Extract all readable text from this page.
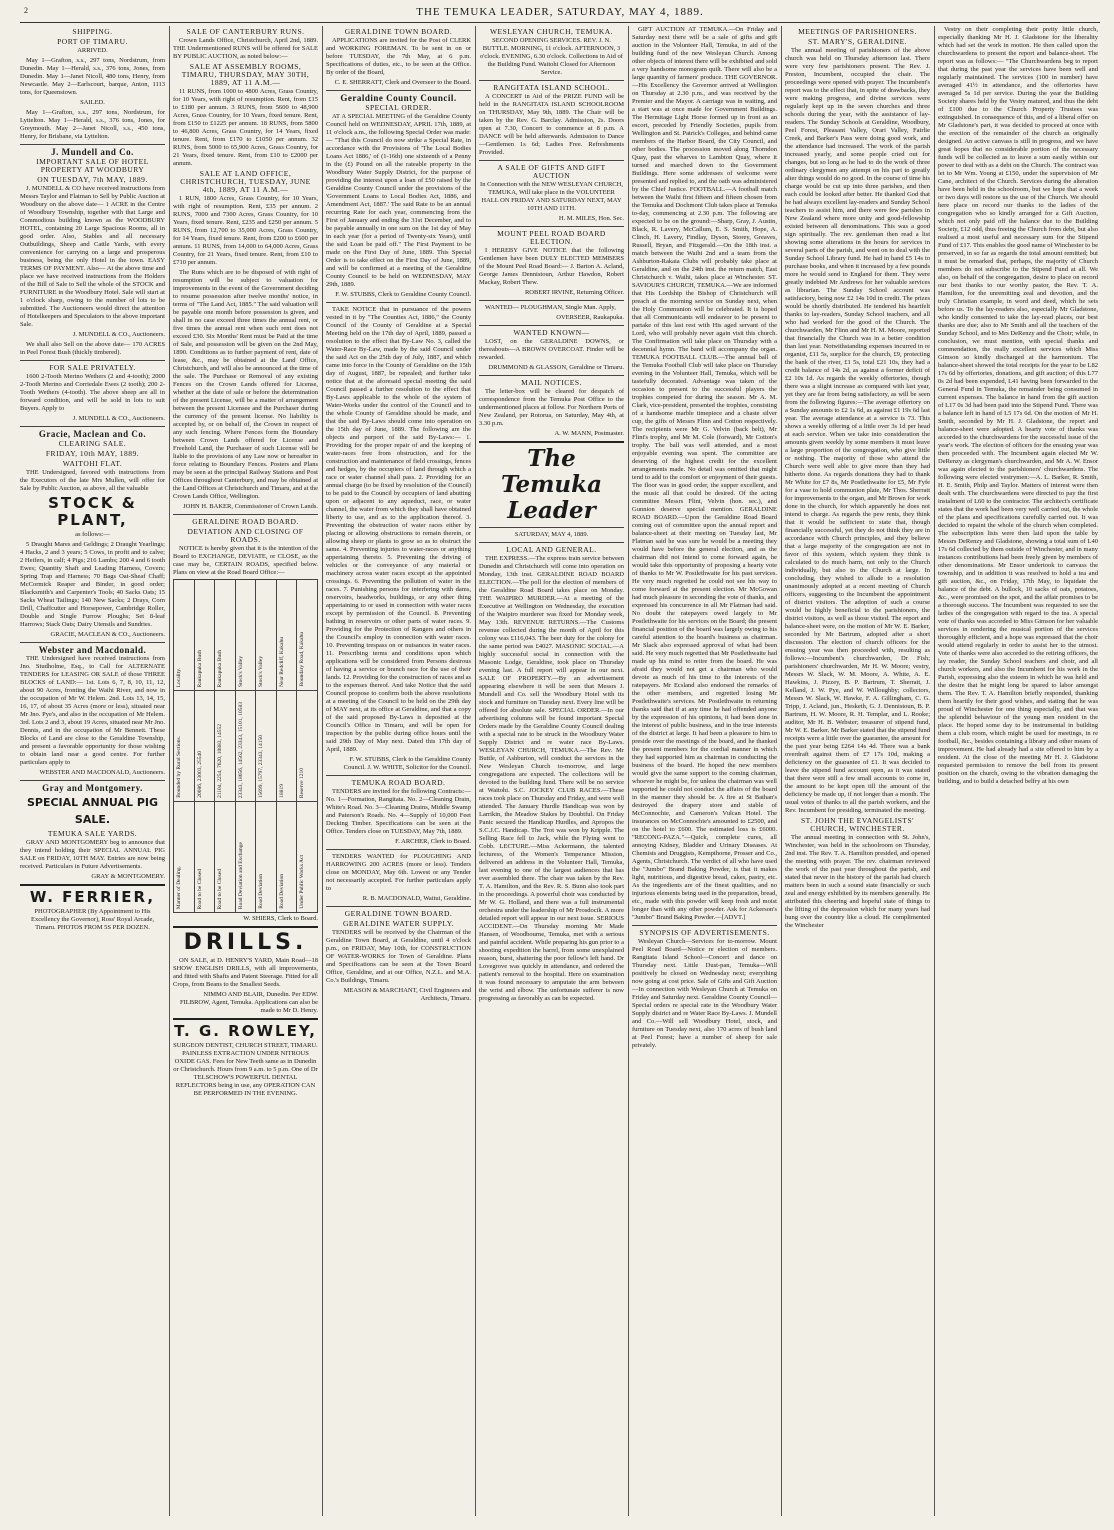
2	THE TEMUKA LEADER, SATURDAY, MAY 4, 1889.
SHIPPING.
PORT OF TIMARU.

ARRIVED.

May 1—Grafton, s.s., 297 tons, Nordstrum, from Dunedin. May 1—Herald, s.s., 376 tons, Jones, from Dunedin. May 1—Janet Nicoll, 480 tons, Henry, from Newcastle. May 2—Earlscourt, barque, Anton, 1113 tons, for Queenstown.

SAILED.

May 1—Grafton, s.s., 297 tons, Nordstrum, for Lyttelton. May 1—Herald, s.s., 376 tons, Jones, for Greymouth. May 2—Janet Nicoll, s.s., 450 tons, Henry, for Brisbane, via Lyttelton.

J. Mundell and Co.
IMPORTANT SALE OF HOTEL PROPERTY AT WOODBURY
ON TUESDAY, 7th MAY, 1889.

J. MUNDELL & CO have received instructions from Messrs Taylor and Flatman to Sell by Public Auction at Woodbury on the above date— 1 ACRE in the Centre of Woodbury Township, together with that Large and Commodious building known as the WOODBURY HOTEL, containing 20 Large Spacious Rooms, all in good order. Also, Stables and all necessary Outbuildings, Sheep and Cattle Yards, with every convenience for carrying on a large and prosperous business, being the only Hotel in the town. EASY TERMS OF PAYMENT. Also— At the above time and place we have received instructions from the Holders of the Bill of Sale to Sell the whole of the STOCK and FURNITURE in the Woodbury Hotel. Sale will start at 1 o'clock sharp, owing to the number of lots to be submitted. The Auctioneers would direct the attention of Hotelkeepers and Speculators to the above important Sale.

J. MUNDELL & CO., Auctioneers.

We shall also Sell on the above date— 170 ACRES in Peel Forest Bush (thickly timbered).

FOR SALE PRIVATELY.

1600 2-Tooth Merino Wethers (2 and 4-tooth); 2000 2-Tooth Merino and Corriedale Ewes (2 tooth); 200 2-Tooth Wethers (4-tooth). The above sheep are all in forward condition, and will be sold in lots to suit Buyers. Apply to

J. MUNDELL & CO., Auctioneers.

Gracie, Maclean and Co.
CLEARING SALE.
FRIDAY, 10th MAY, 1889.
WAITOHI FLAT.

THE Undersigned, favored with instructions from the Executors of the late Mrs Mullen, will offer for Sale by Public Auction, as above, all the valuable

STOCK & PLANT,

as follows:—

5 Draught Mares and Geldings; 2 Draught Yearlings; 4 Hacks, 2 and 3 years; 5 Cows, in profit and to calve; 2 Heifers, in calf; 4 Pigs; 216 Lambs; 200 4 and 6 tooth Ewes; Quantity Shaft and Leading Harness, Covers; Spring Trap and Harness; 70 Bags Oat-Sheaf Chaff; McCormick Reaper and Binder, in good order; Blacksmith's and Carpenter's Tools; 40 Sacks Oats; 15 Sacks Wheat Tailings; 140 New Sacks; 2 Drays, Corn Drill, Chaffcutter and Horsepower, Cambridge Roller, Double and Single Furrow Ploughs; Set 8-leaf Harrows; Stack Oats; Dairy Utensils and Sundries.

GRACIE, MACLEAN & CO., Auctioneers.

Webster and Macdonald.

THE Undersigned have received instructions from Jno. Studholme, Esq., to Call for ALTERNATE TENDERS for LEASING OR SALE of those THREE BLOCKS of LAND:— 1st. Lots 6, 7, 8, 10, 11, 12, about 90 Acres, fronting the Waihi River, and now in the occupation of Mr W. Helem. 2nd. Lots 13, 14, 15, 16, 17, of about 35 Acres (more or less), situated near Mr Jno. Pye's, and also in the occupation of Mr Helem. 3rd. Lots 2 and 3, about 19 Acres, situated near Mr Jno. Dennis, and in the occupation of Mr Bennett. These Blocks of Land are close to the Geraldine Township, and present a favorable opportunity for those wishing to obtain land near a good centre. For further particulars apply to

WEBSTER AND MACDONALD, Auctioneers.

Gray and Montgomery.
SPECIAL ANNUAL PIG SALE.
TEMUKA SALE YARDS.

GRAY AND MONTGOMERY beg to announce that they intend holding their SPECIAL ANNUAL PIG SALE on FRIDAY, 10TH MAY. Entries are now being received. Particulars in Future Advertisements.

GRAY & MONTGOMERY.

W. FERRIER,

PHOTOGRAPHER (By Appointment to His Excellency the Governor), Ross' Royal Arcade, Timaru. PHOTOS FROM 5S PER DOZEN.

SALE OF CANTERBURY RUNS.

Crown Lands Office, Christchurch, April 2nd, 1889. THE Undermentioned RUNS will be offered for SALE BY PUBLIC AUCTION, as noted below:—

SALE AT ASSEMBLY ROOMS, TIMARU, THURSDAY, MAY 30TH, 1889, AT 11 A.M.—

11 RUNS, from 1000 to 4800 Acres, Grass Country, for 10 Years, with right of resumption. Rent, from £15 to £180 per annum. 3 RUNS, from 5600 to 48,900 Acres, Grass Country, for 10 Years, fixed tenure. Rent, from £150 to £1225 per annum. 18 RUNS, from 5800 to 46,800 Acres, Grass Country, for 14 Years, fixed tenure. Rent, from £170 to £1050 per annum. 32 RUNS, from 5000 to 65,900 Acres, Grass Country, for 21 Years, fixed tenure. Rent, from £10 to £2000 per annum.

SALE AT LAND OFFICE, CHRISTCHURCH, TUESDAY, JUNE 4th, 1889, AT 11 A.M.—

1 RUN, 1800 Acres, Grass Country, for 10 Years, with right of resumption. Rent, £35 per annum. 2 RUNS, 7000 and 7300 Acres, Grass Country, for 10 Years, fixed tenure. Rent, £235 and £250 per annum. 5 RUNS, from 12,700 to 35,000 Acres, Grass Country, for 14 Years, fixed tenure. Rent, from £200 to £600 per annum. 11 RUNS, from 14,000 to 64,000 Acres, Grass Country, for 21 Years, fixed tenure. Rent, from £10 to £710 per annum.

The Runs which are to be disposed of with right of resumption will be subject to valuation for improvements in the event of the Government deciding to resume possession after twelve months' notice, in terms of "The Land Act, 1885." The said valuation will be payable one month before possession is given, and shall in no case exceed three times the annual rent, or five times the annual rent when such rent does not exceed £30. Six Months' Rent must be Paid at the time of Sale, and possession will be given on the 2nd May, 1890. Conditions as to further payment of rent, date of lease, &c., may be obtained at the Land Office, Christchurch, and will also be announced at the time of the sale. The Purchase or Removal of any existing Fences on the Crown Lands offered for License, whether at the date of sale or before the determination of the present License, will be a matter of arrangement between the present Licensee and the Purchaser during the currency of the present license. No liability is accepted by, or on behalf of, the Crown in respect of any such fencing. Where Fences form the Boundary between Crown Lands offered for License and Freehold Land, the Purchaser of such License will be liable to the provisions of any Law now or hereafter in force relating to Boundary Fences. Posters and Plans may be seen at the principal Railway Stations and Post Offices throughout Canterbury, and may be obtained at the Land Offices at Christchurch and Timaru, and at the Crown Lands Office, Wellington.

JOHN H. BAKER, Commissioner of Crown Lands.

GERALDINE ROAD BOARD.
DEVIATION AND CLOSING OF ROADS.

NOTICE is hereby given that it is the intention of the Board to EXCHANGE, DEVIATE, or CLOSE, as the case may be, CERTAIN ROADS, specified below. Plans on view at the Road Board Office:—

Locality.	Raukapuka Bush	Raukapuka Bush	Stock's Valley	Stock's Valley	Near Redcliff, Kakahu	Boundary Road, Kakahu
Bounded by Rural Sections.	20086, 23003, 25540	21104, 2254, 7620, 10883, 14552	23343, 18656, 14562, 23343, 15101, 10583	15699, 15797, 23343, 14150	18819	Reserve 1210
Manner of Dealing.	Road to be Closed	Road to be Closed	Road Deviation and Exchange	Road Deviation	Road Deviation	Under Public Works Act

W. SHIERS, Clerk to Board.

DRILLS.

ON SALE, at D. HENRY'S YARD, Main Road—18 SHOW ENGLISH DRILLS, with all improvements, and fitted with Shafts and Patent Steerage. Fitted for all Crops, from Beans to the Smallest Seeds.

NIMMO AND BLAIR, Dunedin. Per EDW. FILBROW, Agent, Temuka. Applications can also be made to Mr D. Henry.

T. G. ROWLEY,

SURGEON DENTIST, CHURCH STREET, TIMARU. PAINLESS EXTRACTION UNDER NITROUS OXIDE GAS. Fees for New Teeth same as in Dunedin or Christchurch. Hours from 9 a.m. to 5 p.m. One of Dr TELSCHOW'S POWERFUL DENTAL REFLECTORS being in use, any OPERATION CAN BE PERFORMED IN THE EVENING.

GERALDINE TOWN BOARD.

APPLICATIONS are invited for the Post of CLERK and WORKING FOREMAN. To be sent in on or before TUESDAY, the 7th May, at 6 p.m. Specifications of duties, etc., to be seen at the Office. By order of the Board,

C. E. SHERRATT, Clerk and Overseer to the Board.

Geraldine County Council.
SPECIAL ORDER.

AT A SPECIAL MEETING of the Geraldine County Council held on WEDNESDAY, APRIL 17th, 1889, at 11 o'clock a.m., the following Special Order was made:— "That this Council do now strike a Special Rate, in accordance with the Provisions of 'The Local Bodies Loans Act 1886,' of (1-16th) one sixteenth of a Penny in the (£) Pound on all the rateable property in the Woodbury Water Supply District, for the purpose of providing the interest upon a loan of £50 raised by the Geraldine County Council under the provisions of the 'Government Loans to Local Bodies Act, 1886, and Amendment Act, 1887.' The said Rate to be an annual recurring Rate for each year, commencing from the First of January and ending the 31st December, and to be payable annually in one sum on the 1st day of May in each year (for a period of Twenty-six Years), until the said Loan be paid off." The First Payment to be made on the First Day of June, 1889. This Special Order is to take effect on the First Day of June, 1889, and will be confirmed at a meeting of the Geraldine County Council to be held on WEDNESDAY, MAY 29th, 1889.

F. W. STUBBS, Clerk to Geraldine County Council.

TAKE NOTICE that in pursuance of the powers vested in it by "The Counties Act, 1886," the County Council of the County of Geraldine at a Special Meeting held on the 17th day of April, 1889, passed a resolution to the effect that By-Law No. 3, called the Water-Race By-Law, made by the said Council under the said Act on the 25th day of July, 1887, and which came into force in the County of Geraldine on the 15th day of August, 1887, be repealed; and further take notice that at the aforesaid special meeting the said Council passed a further resolution to the effect that By-Laws applicable to the whole of the system of Water-Works under the control of the Council and to the whole County of Geraldine should be made, and that the said By-Laws should come into operation on the 15th day of June, 1889. The following are the objects and purport of the said By-Laws:— 1. Providing for the proper repair of and the keeping of water-races free from obstruction, and for the construction and maintenance of field crossings, fences and hedges, by the occupiers of land through which a race or water channel shall pass. 2. Providing for an annual charge (to be fixed by resolution of the Council) to be paid to the Council by occupiers of land abutting upon or adjacent to any aqueduct, race, or water channel, the water from which they shall have obtained liberty to use, and as to the application thereof. 3. Preventing the obstruction of water races either by placing or allowing obstructions to remain therein, or allowing sheep or plants to grow so as to obstruct the same. 4. Preventing injuries to water-races or anything appertaining thereto. 5. Preventing the driving of vehicles or the conveyance of any material or machinery across water races except at the appointed crossings. 6. Preventing the pollution of water in the races. 7. Punishing persons for interfering with dams, reservoirs, headworks, buildings, or any other thing appertaining to or used in connection with water races except by permission of the Council. 8. Preventing bathing in reservoirs or other parts of water races. 9. Providing for the Protection of Rangers and others in the Council's employ in connection with water races. 10. Preventing trespass on or nuisances in water races. 11. Prescribing terms and conditions upon which applications will be considered from Persons desirous of having a service or branch race for the use of their lands. 12. Providing for the construction of races and as to the expenses thereof. And take Notice that the said Council propose to confirm both the above resolutions at a meeting of the Council to be held on the 29th day of MAY next, at its office at Geraldine, and that a copy of the said proposed By-Laws is deposited at the Council's Office in Timaru, and will be open for inspection by the public during office hours until the said 29th Day of May next. Dated this 17th day of April, 1889.

F. W. STUBBS, Clerk to the Geraldine County Council. J. W. WHITE, Solicitor for the Council.

TEMUKA ROAD BOARD.

TENDERS are invited for the following Contracts:— No. 1—Formation, Rangitata. No. 2—Cleaning Drain, White's Road. No. 3—Cleaning Drains, Middle Swamp and Paterson's Roads. No. 4—Supply of 10,000 Feet Decking Timber. Specifications can be seen at the Office. Tenders close on TUESDAY, May 7th, 1889.

F. ARCHER, Clerk to Board.

TENDERS WANTED for PLOUGHING AND HARROWING 200 ACRES (more or less). Tenders close on MONDAY, May 6th. Lowest or any Tender not necessarily accepted. For further particulars apply to

R. B. MACDONALD, Waitui, Geraldine.

GERALDINE TOWN BOARD.
GERALDINE WATER SUPPLY.

TENDERS will be received by the Chairman of the Geraldine Town Board, at Geraldine, until 4 o'clock p.m., on FRIDAY, May 10th, for CONSTRUCTION OF WATER-WORKS for Town of Geraldine. Plans and Specifications can be seen at the Town Board Office, Geraldine, and at our Office, N.Z.L. and M.A. Co.'s Buildings, Timaru.

MEASON & MARCHANT, Civil Engineers and Architects, Timaru.

WESLEYAN CHURCH, TEMUKA.

SECOND OPENING SERVICES. REV. J. N. BUTTLE. MORNING, 11 o'clock. AFTERNOON, 3 o'clock. EVENING, 6.30 o'clock. Collections in Aid of the Building Fund. Waitohi Closed for Afternoon Service.

RANGITATA ISLAND SCHOOL.

A CONCERT in Aid of the PRIZE FUND will be held in the RANGITATA ISLAND SCHOOLROOM on THURSDAY, May 9th, 1889. The Chair will be taken by the Rev. G. Barclay. Admission, 2s. Doors open at 7.30, Concert to commence at 8 p.m. A DANCE will be held afterwards. Admission to Dance—Gentlemen 1s 6d; Ladies Free. Refreshments Provided.

A SALE OF GIFTS AND GIFT AUCTION

In Connection with the NEW WESLEYAN CHURCH, TEMUKA, Will take place in the VOLUNTEER HALL ON FRIDAY AND SATURDAY NEXT, MAY 10TH AND 11TH.

H. M. MILES, Hon. Sec.

MOUNT PEEL ROAD BOARD ELECTION.

I HEREBY GIVE NOTICE that the following Gentlemen have been DULY ELECTED MEMBERS of the Mount Peel Road Board:— J. Barton A. Acland, George James Dennistoun, Arthur Hawdon, Robert Mackay, Robert Thew.

ROBERT IRVINE, Returning Officer.

WANTED— PLOUGHMAN, Single Man. Apply,

OVERSEER, Raukapuka.

WANTED KNOWN—

LOST, on the GERALDINE DOWNS, or thereabouts—A BROWN OVERCOAT. Finder will be rewarded.

DRUMMOND & GLASSON, Geraldine or Timaru.

MAIL NOTICES.

The letter-box will be cleared for despatch of correspondence from the Temuka Post Office to the undermentioned places at follow. For Northern Ports of New Zealand, per Rotorua, on Saturday, May 4th, at 3.30 p.m.

A. W. MANN, Postmaster.

The Temuka Leader

SATURDAY, MAY 4, 1889.

LOCAL AND GENERAL.

THE EXPRESS.—The express train service between Dunedin and Christchurch will come into operation on Monday, 13th inst. GERALDINE ROAD BOARD ELECTION.—The poll for the election of members of the Geraldine Road Board takes place on Monday. THE WAIPIRO MURDER.—At a meeting of the Executive at Wellington on Wednesday, the execution of the Waipiro murderer was fixed for Monday week, May 13th. REVENUE RETURNS.—The Customs revenue collected during the month of April for this colony was £116,043. The beer duty for the colony for the same period was £4027. MASONIC SOCIAL.—A highly successful social in connection with the Masonic Lodge, Geraldine, took place on Thursday evening last. A full report will appear in our next. SALE OF PROPERTY.—By an advertisement appearing elsewhere it will be seen that Messrs J. Mundell and Co. sell the Woodbury Hotel with its stock and furniture on Tuesday next. Every line will be offered for absolute sale. SPECIAL ORDER.—In our advertising columns will be found important Special Orders made by the Geraldine County Council dealing with a special rate to be struck in the Woodbury Water Supply District and re water race By-Laws. WESLEYAN CHURCH, TEMUKA.—The Rev. Mr Buttle, of Ashburton, will conduct the services in the New Wesleyan Church to-morrow, and large congregations are expected. The collections will be devoted to the building fund. There will be no service at Waitohi. S.C. JOCKEY CLUB RACES.—These races took place on Thursday and Friday, and were well attended. The January Hurdle Handicap was won by Larrikin, the Meadow Stakes by Doubtful. On Friday Panic secured the Handicap Hurdles, and Apropos the S.C.J.C. Handicap. The Trot was won by Kripple. The Selling Race fell to Jack, while the Flying went to Cobb. LECTURE.—Miss Ackermann, the talented lecturess, of the Women's Temperance Mission, delivered an address in the Volunteer Hall, Temuka, last evening to one of the largest audiences that has ever assembled there. The chair was taken by the Rev. T. A. Hamilton, and the Rev. R. S. Bunn also took part in the proceedings. A powerful choir was conducted by Mr W. G. Holland, and there was a full instrumental orchestra under the leadership of Mr Prosdocik. A more detailed report will appear in our next issue. SERIOUS ACCIDENT.—On Thursday morning Mr Made Hansen, of Woodbourne, Temuka, met with a serious and painful accident. While preparing his gun prior to a shooting expedition the barrel, from some unexplained reason, burst, shattering the poor fellow's left hand. Dr Lovegrove was quickly in attendance, and ordered the patient's removal to the hospital. Here on examination it was found necessary to amputate the arm between the wrist and elbow. The unfortunate sufferer is now progressing as favorably as can be expected.

GIFT AUCTION AT TEMUKA.—On Friday and Saturday next there will be a sale of gifts and gift auction in the Volunteer Hall, Temuka, in aid of the building fund of the new Wesleyan Church. Among other objects of interest there will be exhibited and sold a very handsome monogram quilt. There will also be a large quantity of farmers' produce. THE GOVERNOR.—His Excellency the Governor arrived at Wellington on Thursday at 2.30 p.m., and was received by the Premier and the Mayor. A carriage was in waiting, and a start was at once made for Government Buildings. The Hermitage Light Horse formed up in front as an escort, preceded by Friendly Societies, pupils from Wellington and St. Patrick's Colleges, and behind came members of the Harbor Board, the City Council, and other bodies. The procession moved along Thorndon Quay, past the wharves to Lambton Quay, where it turned and marched down to the Government Buildings. Here some addresses of welcome were presented and replied to, and the oath was administered by the Chief Justice. FOOTBALL.—A football match between the Waihi first fifteen and fifteen chosen from the Temuka and Dochmont Club takes place at Temuka to-day, commencing at 2.30 p.m. The following are expected to be on the ground:—Sharp, Gray, J. Austin, Black, R. Lavery, McCallum, E. S. Smith, Hope, A. Clinch, H. Lavery, Findlay, Dyson, Storey, Greaves, Russell, Bryan, and Fitzgerald.—On the 18th inst. a match between the Waihi 2nd and a team from the Ashburton-Rakaia Clubs will probably take place at Geraldine, and on the 24th inst. the return match, East Christchurch v. Waihi, takes place at Winchester. ST. SAVIOUR'S CHURCH, TEMUKA.—We are informed that His Lordship the Bishop of Christchurch will preach at the morning service on Sunday next, when the Holy Communion will be celebrated. It is hoped that all Communicants will endeavor to be present to partake of this last rest with His aged servant of the Lord, who will probably never again visit this church. The Confirmation will take place on Thursday with a decennial hymn. The band will accompany the organ. TEMUKA FOOTBALL CLUB.—The annual ball of the Temuka Football Club will take place on Thursday evening in the Volunteer Hall, Temuka, which will be tastefully decorated. Advantage was taken of the occasion to present to the successful players the trophies competed for during the season. Mr A. M. Clark, vice-president, presented the trophies, consisting of a handsome marble timepiece and a chaste silver cup, the gifts of Messrs Flinn and Cotton respectively. The recipients were Mr G. Velvin (back belt), Mr Flint's trophy, and Mr M. Cole (forward), Mr Cotton's trophy. The ball was well attended, and a most enjoyable evening was spent. The committee are deserving of the highest credit for the excellent arrangements made. No detail was omitted that might tend to add to the comfort or enjoyment of their guests. The floor was in good order, the supper excellent, and the music all that could be desired. Of the acting committee Messrs Flint, Velvin (hon. sec.), and Gunnion deserve special mention. GERALDINE ROAD BOARD.—Upon the Geraldine Road Board coming out of committee upon the annual report and balance-sheet at their meeting on Tuesday last, Mr Flatman said he was sure he would be a meeting they would have before the general election, and as the chairman did not intend to come forward again, he would take this opportunity of proposing a hearty vote of thanks to Mr W. Postlethwaite for his past services. He very much regretted he could not see his way to come forward at the present election. Mr McGowan had much pleasure in seconding the vote of thanks, and expressed his concurrence in all Mr Flatman had said. No doubt the ratepayers owed largely to Mr Postlethwaite for his services on the Board; the present financial position of the board was largely owing to his careful attention to the board's business as chairman. Mr Slack also expressed approval of what had been said. He very much regretted that Mr Postlethwaite had made up his mind to retire from the board. He was afraid they would not get a chairman who would devote as much of his time to the interests of the ratepayers. Mr Ecsland also endorsed the remarks of the other members, and regretted losing Mr Postlethwaite's services. Mr Postlethwaite in returning thanks said that if at any time he had offended anyone by the expression of his opinions, it had been done in the interest of public business, and in the true interests of the district at large. It had been a pleasure to him to preside over the meetings of the board, and he thanked the present members for the cordial manner in which they had supported him as chairman in conducting the business of the board. He hoped the new members would give the same support to the coming chairman, whoever he might be, for unless the chairman was well supported he could not conduct the affairs of the board in the manner they should be. A fire at St Bathan's destroyed the drapery store and stable of McConnochie, and Cameron's Vulcan Hotel. The insurances on McConnochie's amounted to £2500, and on the hotel to £600. The estimated loss is £6000. "RECONG-PAZA."—Quick, complete cures, all annoying Kidney, Bladder and Urinary Diseases. At Chemists and Druggists, Kempthorne, Prosser and Co., Agents, Christchurch. The verdict of all who have used the "Jumbo" Brand Baking Powder, is that it makes light, nutritious, and digestive bread, cakes, pastry, etc. As the ingredients are of the finest qualities, and no injurious elements being used in the preparation, bread, etc., made with this powder will keep fresh and moist longer than with any other powder. Ask for Ackerson's "Jumbo" Brand Baking Powder.—[ADVT.]

SYNOPSIS OF ADVERTISEMENTS.

Wesleyan Church—Services for to-morrow. Mount Peel Road Board—Notice re election of members. Rangitata Island School—Concert and dance on Thursday next. Little Dust-pan, Temuka—Will positively be closed on Wednesday next; everything now going at cost price. Sale of Gifts and Gift Auction—In connection with Wesleyan Church at Temuka on Friday and Saturday next. Geraldine County Council—Special orders re special rate in the Woodbury Water Supply district and re Water Race By-Laws. J. Mundell and Co.—Will sell Woodbury Hotel, stock, and furniture on Tuesday next, also 170 acres of bush land at Peel Forest; have a number of sheep for sale privately.

MEETINGS OF PARISHIONERS.
ST. MARY'S, GERALDINE.

The annual meeting of parishioners of the above church was held on Thursday afternoon last. There were very few parishioners present. The Rev. J. Preston, Incumbent, occupied the chair. The proceedings were opened with prayer. The Incumbent's report was to the effect that, in spite of drawbacks, they were making progress, and divine services were regularly kept up in the seven churches and three schools during the year, with the assistance of lay-readers. The Sunday Schools at Geraldine, Woodbury, Peel Forest, Pleasant Valley, Orari Valley, Fairlie Creek, and Barker's Pass were doing good work, and the attendance had increased. The work of the parish increased yearly, and some people cried out for changes, but so long as he had to do the work of three ordinary clergymen any attempt on his part to greatly alter things would do no good. In the course of time his charge would be cut up into three parishes, and then each could be looked after better. He thanked God that he had always excellent lay-readers and Sunday School teachers to assist him, and there were few parishes in New Zealand where more unity and good-fellowship existed between all denominations. This was a good sign spiritually. The rev. gentleman then read a list showing some alterations in the hours for services in several parts of the parish, and went on to deal with the Sunday School Library fund. He had in hand £5 14s to purchase books, and when it increased by a few pounds more he would send to England for them. They were greatly indebted Mr Andrews for her valuable services as librarian. The Sunday School account was satisfactory, being now £2 14s 10d in credit. The prizes would be shortly distributed. He tendered his heartfelt thanks to lay-readers, Sunday School teachers, and all who had worked for the good of the Church. The churchwarden, Mr Flinn and Mr H. M. Moore, reported that financially the Church was in a better condition than last year. Notwithstanding expenses incurred in re organist, £11 5s, surplice for the church, £9, protecting the bank of the river, £1 5s, total £21 10s, they had a credit balance of 14s 2d, as against a former deficit of £2 10s 1d. As regards the weekly offertories, though there was a slight increase as compared with last year, yet they are far from being satisfactory, as will be seen from the following figures:—The average offertory on a Sunday amounts to £2 1s 6d, as against £1 19s 6d last year. The average attendance at a service is 73. This shows a weekly offering of a little over 3s 1d per head at each service. When we take into consideration the amounts given weekly by some members it must leave a large proportion of the congregation, who give little or nothing. The majority of those who attend the Church were well able to give more than they had hitherto done. As regards donations they had to thank Mr White for £7 8s, Mr Postlethwaite for £5, Mr Fyfe for a vase to hold communion plate, Mr Thos. Sherratt for improvements to the organ, and Mr Brown for work done in the church, for which apparently he does not intend to charge. As regards the pew rents, they think that it would be sufficient to state that, though financially successful, yet they do not think they are in accordance with Church principles, and they believe that a large majority of the congregation are not in favor of this system, which system they think is calculated to do much harm, not only to the Church individually, but also to the Church at large. In concluding, they wished to allude to a resolution unanimously adopted at a recent meeting of Church officers, suggesting to the Incumbent the appointment of district visitors. The adoption of such a course would be highly beneficial to the parishioners, the district visitors, as well as those visited. The report and balance-sheet were, on the motion of Mr W. E. Barker, seconded by Mr Bartrum, adopted after a short discussion. The election of church officers for the ensuing year was then proceeded with, resulting as follows:—Incumbent's churchwarden, Dr Fish; parishioners' churchwarden, Mr H. W. Moore; vestry, Messrs W. Slack, W. M. Moore, A. White, A. E. Hawkins, J. Pizzey, B. P. Bartrum, T. Sherratt, J. Kelland, J. W. Pye, and W. Willoughby; collectors, Messrs W. Slack, W. Hawke, F. A. Gillingham, C. G. Tripp, J. Acland, jun., Hesketh, G. J. Dennistoun, B. P. Bartrum, H. W. Moore, R. H. Templar, and L. Rooke; auditor, Mr H. B. Webster; treasurer of stipend fund, Mr W. E. Barker. Mr Barker stated that the stipend fund receipts were a little over the guarantee, the amount for the past year being £264 14s 4d. There was a bank overdraft against them of £7 17s 10d, making a deficiency on the guarantee of £1. It was decided to leave the stipend fund account open, as it was stated that there were still a few small accounts to come in, the amount to be kept open till the amount of the deficiency be made up, if not longer than a month. The usual votes of thanks to all the parish workers, and the Rev. Incumbent for presiding, terminated the meeting.

ST. JOHN THE EVANGELISTS' CHURCH, WINCHESTER.

The annual meeting in connection with St. John's, Winchester, was held in the schoolroom on Thursday, 2nd inst. The Rev. T. A. Hamilton presided, and opened the meeting with prayer. The rev. chairman reviewed the work of the past year throughout the parish, and stated that never in the history of the parish had church matters been in such a sound state financially or such zeal and energy exhibited by its members generally. He attributed this cheering and hopeful state of things to the lifting of the depression which for many years had hung over the country like a cloud. He complimented the Winchester

Vestry on their completing their pretty little church, especially thanking Mr H. J. Gladstone for the liberality which had set the work in motion. He then called upon the churchwardens to present the report and balance-sheet. The report was as follows:— "The Churchwardens beg to report that during the past year the services have been well and regularly maintained. The services (100 in number) have averaged 41½ in attendance, and the offertories have averaged 5s 1d per service. During the year the Building Society shares held by the Vestry matured, and thus the debt of £100 due to the Church Property Trustees was extinguished. In consequence of this, and of a liberal offer on Mr Gladstone's part, it was decided to proceed at once with the erection of the remainder of the church as originally designed. An active canvass is still in progress, and we have great hopes that no considerable portion of the necessary funds will be collected as to leave a sum easily within our power to deal with as a debt on the Church. The contract was let to Mr Wm. Young at £150, under the supervision of Mr Cane, architect of the Church. Services during the alteration have been held in the schoolroom, but we hope that a week or two days will restore us the use of the Church. We should here place on record our thanks to the ladies of the congregation who so kindly arranged for a Gift Auction, which not only paid off the balance due to the Building Society, £12 odd, thus freeing the Church from debt, but also realised a most useful and necessary sum for the Stipend Fund of £17. This enables the good name of Winchester to be preserved, in so far as regards the total amount remitted; but it must be remarked that, perhaps, the majority of Church members do not subscribe to the Stipend Fund at all. We also, on behalf of the congregation, desire to place on record our best thanks to our worthy pastor, the Rev. T. A. Hamilton, for the unremitting zeal and devotion, and the truly Christian example, in word and deed, which he sets before us. To the lay-readers also, especially Mr Gladstone, who kindly consented to take the lay-read places, our best thanks are due; also to Mr Smith and all the teachers of the Sunday School, and to Mrs DeRenzy and the Choir; while, in conclusion, we must mention, with special thanks and commendation, the really excellent services which Miss Gimson so kindly discharged at the harmonium. The balance-sheet showed the total receipts for the year to be L82 17s 6d by offertories, donations, and gift auction; of this L77 0s 2d had been expended, L41 having been forwarded to the General Fund in Temuka, the remainder being consumed in current expenses. The balance in hand from the gift auction of L17 0s 3d had been paid into the Stipend Fund. There was a balance left in hand of L5 17s 6d. On the motion of Mr H. Smith, seconded by Mr H. J. Gladstone, the report and balance-sheet were adopted. A hearty vote of thanks was accorded to the churchwardens for the successful issue of the year's work. The election of officers for the ensuing year was then proceeded with. The Incumbent again elected Mr W. DeRenzy as clergyman's churchwarden, and Mr A. W. Ensor was again elected to the parishioners' churchwardens. The following were elected vestrymen:—A. L. Barker, R. Smith, H. E. Smith, Philp and Taylor. Matters of interest were then dealt with. The churchwardens were directed to pay the first instalment of L60 to the contractor. The architect's certificate states that the work had been very well carried out, the whole of the plans and specifications carefully carried out. It was decided to repaint the whole of the church when completed. The subscription lists were then laid upon the table by Messrs DeRenzy and Gladstone, showing a total sum of L40 17s 6d collected by them outside of Winchester, and in many instances contributions had been freely given by members of other denominations. Mr Ensor undertook to canvass the township, and in addition it was resolved to hold a tea and gift auction, &c., on Friday, 17th May, to liquidate the balance of the debt. A bullock, 10 sacks of oats, potatoes, &c., were promised on the spot, and the affair promises to be a thorough success. The Incumbent was requested to see the ladies of the congregation with regard to the tea. A special vote of thanks was accorded to Miss Gimson for her valuable services in rendering the musical portion of the services thoroughly efficient, and a hope was expressed that the choir would attend regularly in order to assist her to the utmost. Vote of thanks were also accorded to the retiring officers, the lay reader, the Sunday School teachers and choir, and all church workers, and also the Incumbent for his work in the Parish, expressing also the esteem in which he was held and the desire that he might long be spared to labor amongst them. The Rev. T. A. Hamilton briefly responded, thanking them heartily for their good wishes, and stating that he was proud of Winchester for one thing especially, and that was the splendid behaviour of the young men resident in the place. He hoped some day to be instrumental in building them a club room, which might be used for meetings, in re football, &c., besides containing a library and other means of improvement. He had already had a site offered to him by a resident. At the close of the meeting Mr H. J. Gladstone requested permission to remove the bell from its present position on the church, owing to the vibration damaging the building, and to build a detached belfry at his own
